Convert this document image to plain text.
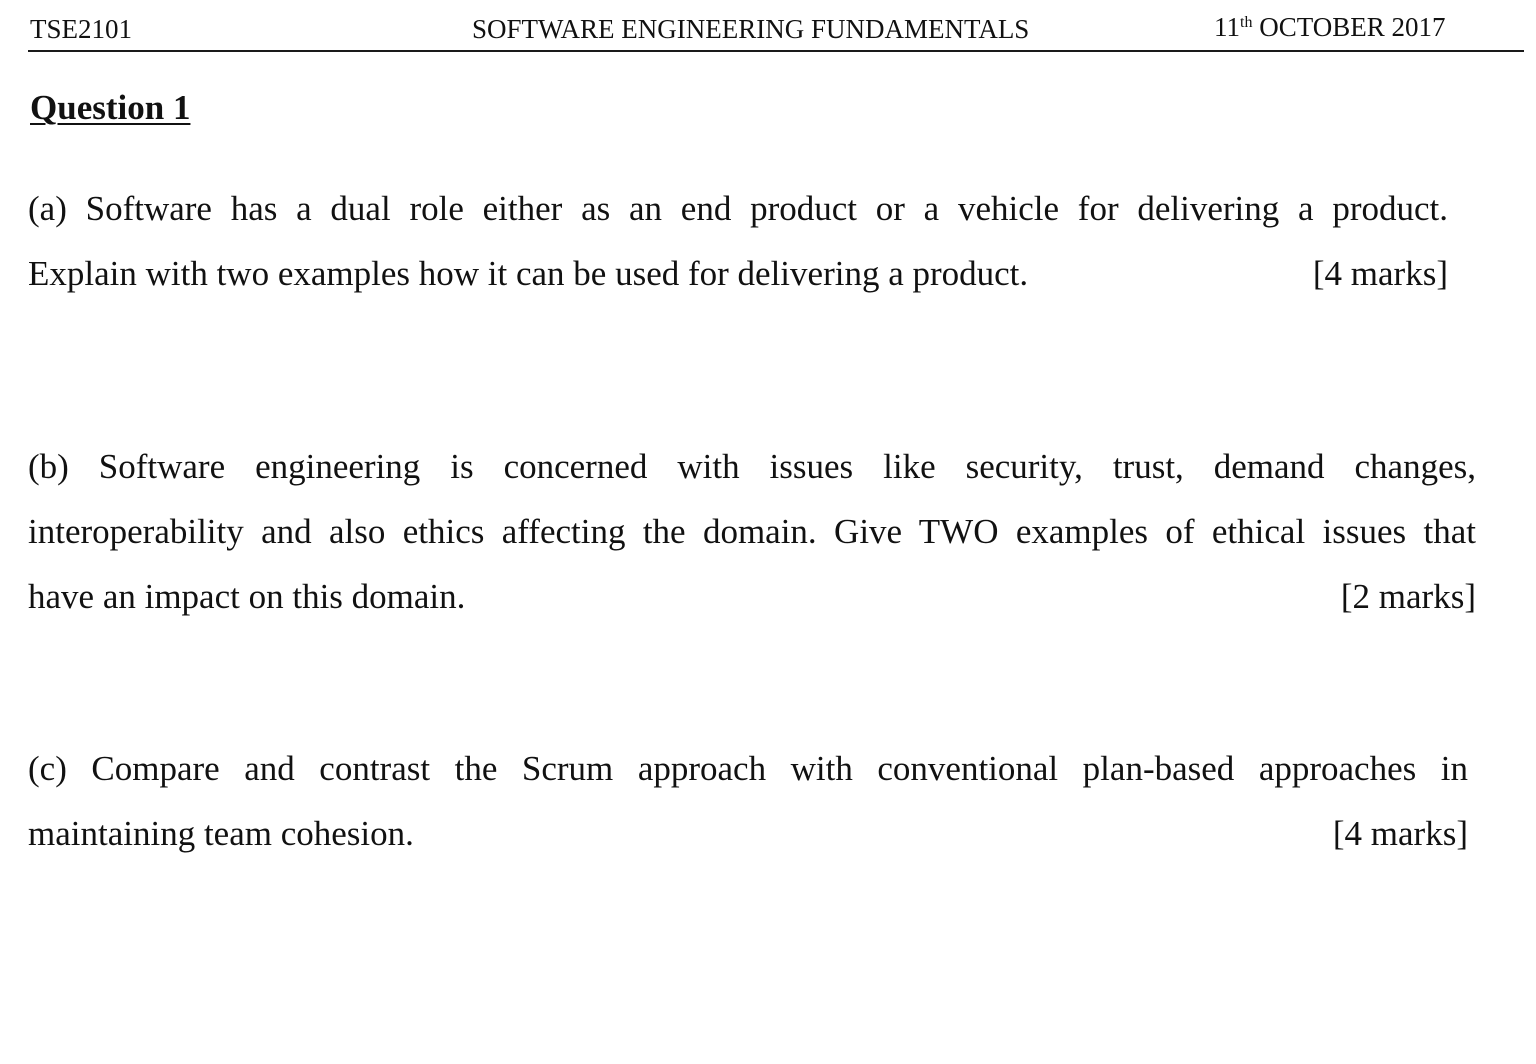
TSE2101	SOFTWARE ENGINEERING FUNDAMENTALS	11th OCTOBER 2017
Question 1
(a) Software has a dual role either as an end product or a vehicle for delivering a product.
Explain with two examples how it can be used for delivering a product.	[4 marks]
(b) Software engineering is concerned with issues like security, trust, demand changes,
interoperability and also ethics affecting the domain. Give TWO examples of ethical issues that
have an impact on this domain.	[2 marks]
(c) Compare and contrast the Scrum approach with conventional plan-based approaches in
maintaining team cohesion.	[4 marks]
